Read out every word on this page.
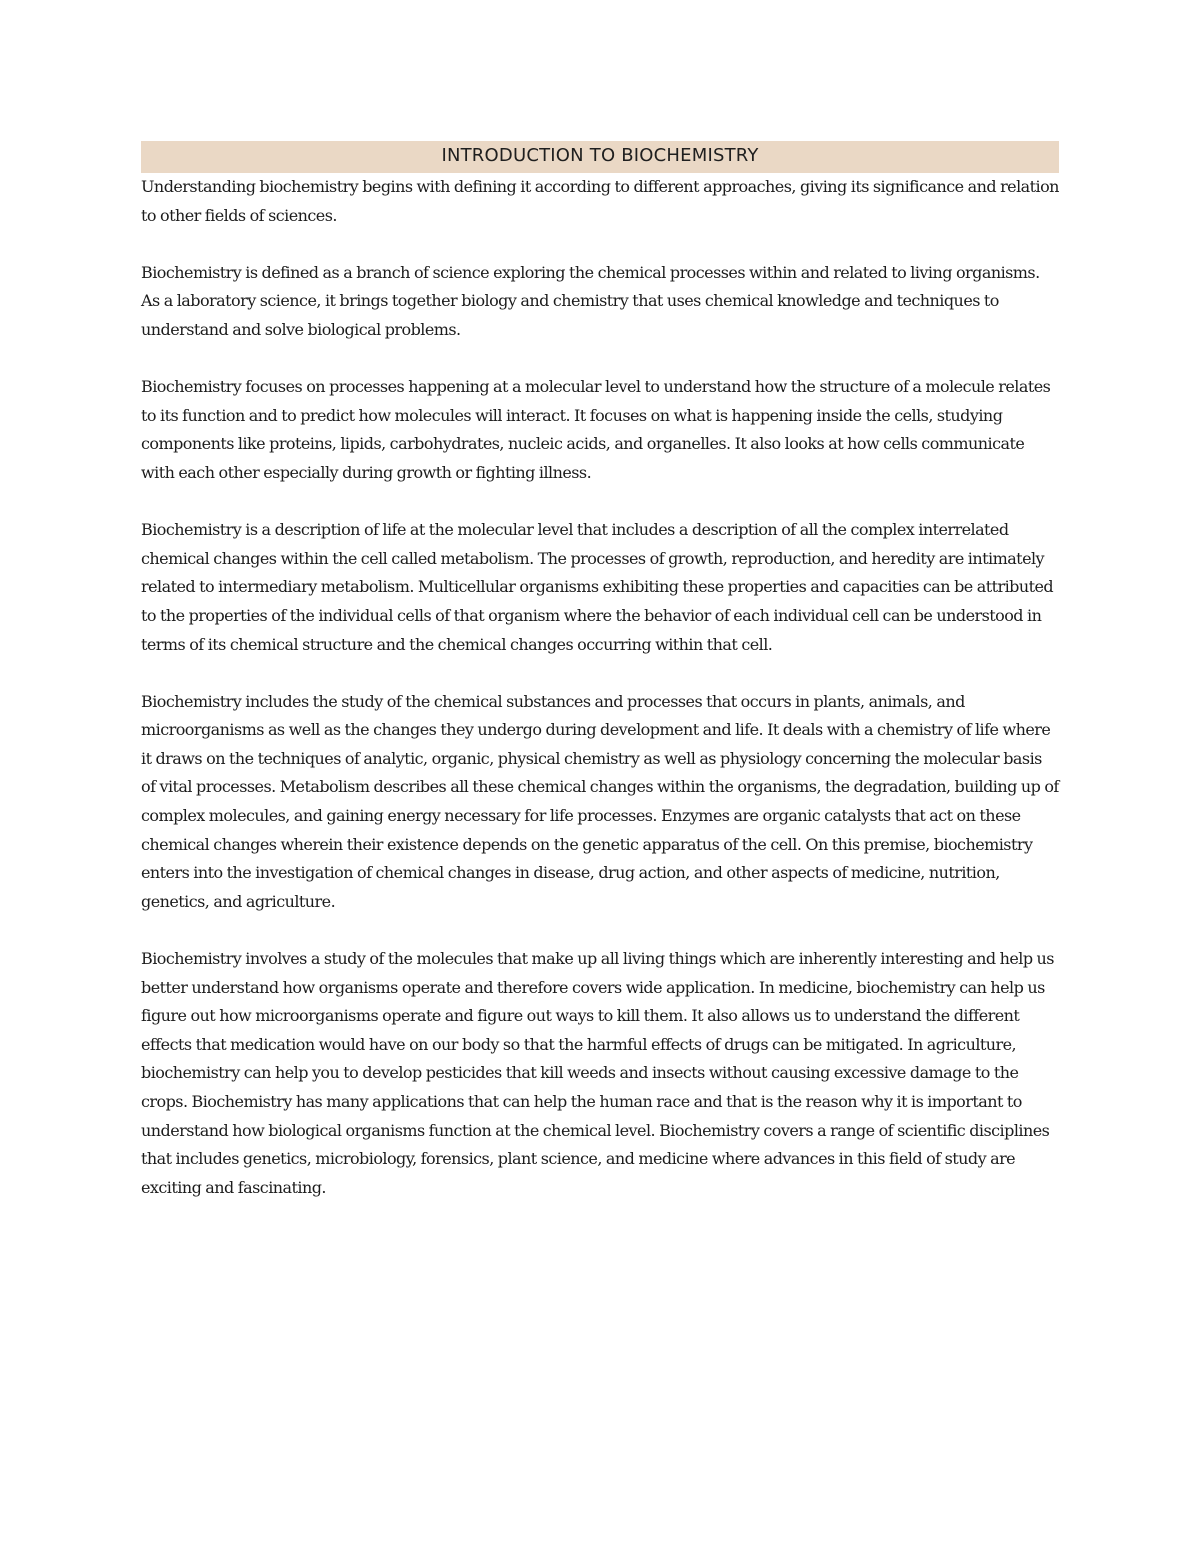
INTRODUCTION TO BIOCHEMISTRY

Understanding biochemistry begins with defining it according to different approaches, giving its significance and relation to other fields of sciences.

Biochemistry is defined as a branch of science exploring the chemical processes within and related to living organisms. As a laboratory science, it brings together biology and chemistry that uses chemical knowledge and techniques to understand and solve biological problems.

Biochemistry focuses on processes happening at a molecular level to understand how the structure of a molecule relates to its function and to predict how molecules will interact. It focuses on what is happening inside the cells, studying components like proteins, lipids, carbohydrates, nucleic acids, and organelles. It also looks at how cells communicate with each other especially during growth or fighting illness.

Biochemistry is a description of life at the molecular level that includes a description of all the complex interrelated chemical changes within the cell called metabolism. The processes of growth, reproduction, and heredity are intimately related to intermediary metabolism. Multicellular organisms exhibiting these properties and capacities can be attributed to the properties of the individual cells of that organism where the behavior of each individual cell can be understood in terms of its chemical structure and the chemical changes occurring within that cell.

Biochemistry includes the study of the chemical substances and processes that occurs in plants, animals, and microorganisms as well as the changes they undergo during development and life. It deals with a chemistry of life where it draws on the techniques of analytic, organic, physical chemistry as well as physiology concerning the molecular basis of vital processes. Metabolism describes all these chemical changes within the organisms, the degradation, building up of complex molecules, and gaining energy necessary for life processes. Enzymes are organic catalysts that act on these chemical changes wherein their existence depends on the genetic apparatus of the cell. On this premise, biochemistry enters into the investigation of chemical changes in disease, drug action, and other aspects of medicine, nutrition, genetics, and agriculture.

Biochemistry involves a study of the molecules that make up all living things which are inherently interesting and help us better understand how organisms operate and therefore covers wide application. In medicine, biochemistry can help us figure out how microorganisms operate and figure out ways to kill them. It also allows us to understand the different effects that medication would have on our body so that the harmful effects of drugs can be mitigated. In agriculture, biochemistry can help you to develop pesticides that kill weeds and insects without causing excessive damage to the crops. Biochemistry has many applications that can help the human race and that is the reason why it is important to understand how biological organisms function at the chemical level. Biochemistry covers a range of scientific disciplines that includes genetics, microbiology, forensics, plant science, and medicine where advances in this field of study are exciting and fascinating.
